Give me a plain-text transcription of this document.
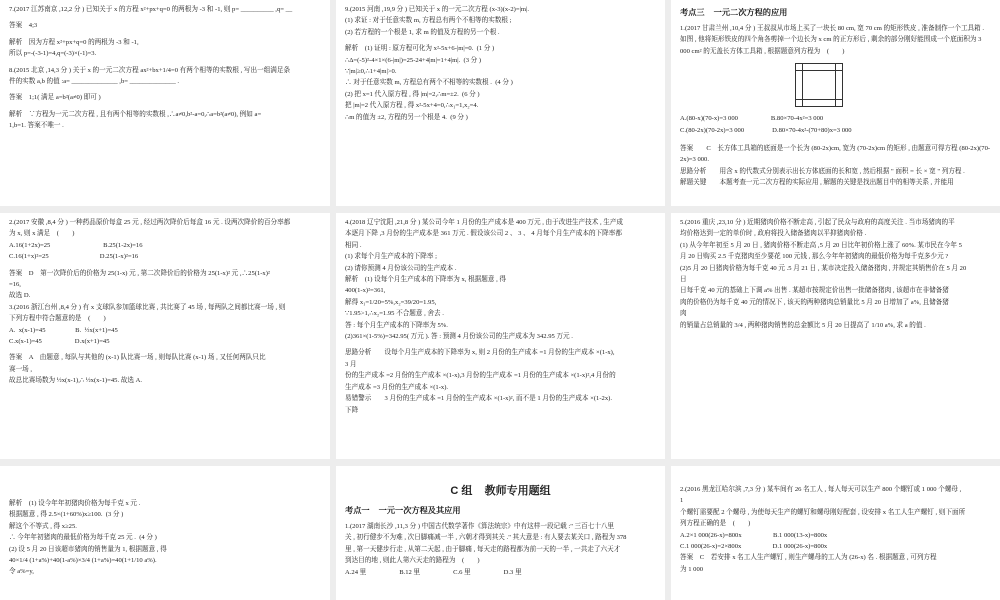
7.(2017 江苏南京 ,12,2 分 ) 已知关于 x 的方程 x²+px+q=0 的两根为 -3 和 -1, 则 p= __________ ,q= __

答案    4;3

解析    因为方程 x²+px+q=0 的两根为 -3 和 -1,

所以 p=-(-3-1)=4,q=(-3)×(-1)=3.

8.(2015 北京 ,14,3 分 ) 关于 x 的一元二次方程 ax²+bx+1/4=0 有两个相等的实数根 , 写出一组满足条

件的实数 a,b 的值 :a= ______________ ,b= ______________ .

答案    1;1( 满足 a=b²(a≠0) 即可 )

解析    ∵方程为一元二次方程 , 且有两个相等的实数根 ,∴a≠0,b²-a=0,∴a=b²(a≠0), 例如 a=

1,b=1. 答案不唯一 .

9.(2015 河南 ,19,9 分 ) 已知关于 x 的一元二次方程 (x-3)(x-2)=|m|.

(1) 求证 : 对于任意实数 m, 方程总有两个不相等的实数根 ;

(2) 若方程的一个根是 1, 求 m 的值及方程的另一个根 .

解析    (1) 证明 : 原方程可化为 x²-5x+6-|m|=0.  (1 分 )

∴Δ=(-5)²-4×1×(6-|m|)=25-24+4|m|=1+4|m|.  (3 分 )

∵|m|≥0,∴1+4|m|>0.

∴ 对于任意实数 m, 方程总有两个不相等的实数根 .  (4 分 )

(2) 把 x=1 代入原方程 , 得 |m|=2,∴m=±2.  (6 分 )

把 |m|=2 代入原方程 , 得 x²-5x+4=0,∴x₁=1,x₂=4.

∴m 的值为 ±2, 方程的另一个根是 4.  (9 分 )

考点三    一元二次方程的应用

1.(2017 甘肃兰州 ,10,4 分 ) 王叔叔从市场上买了一块长 80 cm, 宽 70 cm 的矩形铁皮 , 准备制作一个工具箱 . 如图 , 他将矩形铁皮的四个角各剪掉一个边长为 x cm 的正方形后 , 剩余的部分刚好能围成一个底面积为 3 000 cm² 的无盖长方体工具箱 , 根据题意列方程为    (        )

A.(80-x)(70-x)=3 000                    B.80×70-4x²=3 000

C.(80-2x)(70-2x)=3 000                 D.80×70-4x²-(70+80)x=3 000

答案        C    长方体工具箱的底面是一个长为 (80-2x)cm, 宽为 (70-2x)cm 的矩形 , 由题意可得方程 (80-2x)(70-2x)=3 000.

思路分析        用含 x 的代数式分别表示出长方体底面的长和宽 , 然后根据 " 面积 = 长 × 宽 " 列方程 .

解题关键        本题考查一元二次方程的实际应用 , 解题的关键是找出题目中的相等关系 , 并能用

2.(2017 安徽 ,8,4 分 ) 一种药品原价每盒 25 元 , 经过两次降价后每盒 16 元 . 设两次降价的百分率都

为 x, 则 x 满足    (        )

A.16(1+2x)=25                                B.25(1-2x)=16

C.16(1+x)²=25                               D.25(1-x)²=16

答案    D    第一次降价后的价格为 25(1-x) 元 , 第二次降价后的价格为 25(1-x)² 元 ,∴25(1-x)²

=16,

故选 D.

3.(2016 浙江台州 ,8,4 分 ) 有 x 支球队参加篮球比赛 , 共比赛了 45 场 , 每两队之间都比赛一场 , 则

下列方程中符合题意的是    (        )

A.  x(x-1)=45                  B.  ½x(x+1)=45

C.x(x-1)=45                    D.x(x+1)=45

答案    A    由题意 , 每队与其他的 (x-1) 队比赛一场 , 则每队比赛 (x-1) 场 , 又任何两队只比

赛一场 ,

故总比赛场数为 ½x(x-1),∴ ½x(x-1)=45. 故选 A.

4.(2018 辽宁沈阳 ,21,8 分 ) 某公司今年 1 月份的生产成本是 400 万元 , 由于改进生产技术 , 生产成

本逐月下降 ,3 月份的生产成本是 361 万元 . 假设该公司 2 、 3 、 4 月每个月生产成本的下降率都

相同 .

(1) 求每个月生产成本的下降率 ;

(2) 请你预测 4 月份该公司的生产成本 .

解析    (1) 设每个月生产成本的下降率为 x, 根据题意 , 得

400(1-x)²=361,

解得 x₁=1/20=5%,x₂=39/20=1.95,

∵1.95>1,∴x₂=1.95 不合题意 , 舍去 .

答 : 每个月生产成本的下降率为 5%.

(2)361×(1-5%)=342.95( 万元 ). 答 : 预测 4 月份该公司的生产成本为 342.95 万元 .

思路分析        设每个月生产成本的下降率为 x, 则 2 月份的生产成本 =1 月份的生产成本 ×(1-x),

3 月

份的生产成本 =2 月份的生产成本 ×(1-x),3 月份的生产成本 =1 月份的生产成本 ×(1-x)²,4 月份的

生产成本 =3 月份的生产成本 ×(1-x).

易错警示        3 月份的生产成本 =1 月份的生产成本 ×(1-x)², 而不是 1 月份的生产成本 ×(1-2x).

下降

5.(2016 重庆 ,23,10 分 ) 近期猪肉价格不断走高 , 引起了民众与政府的高度关注 . 当市场猪肉的平

均价格达到一定的单价时 , 政府将投入储备猪肉以平抑猪肉价格 .

(1) 从今年年初至 5 月 20 日 , 猪肉价格不断走高 ,5 月 20 日比年初价格上涨了 60%. 某市民在今年 5

月 20 日购买 2.5 千克猪肉至少要花 100 元钱 , 那么今年年初猪肉的最低价格为每千克多少元 ?

(2)5 月 20 日猪肉价格为每千克 40 元 .5 月 21 日 , 某市决定投入储备猪肉 , 并规定其销售价在 5 月 20

日

日每千克 40 元的基础上下调 a% 出售 . 某超市按规定价出售一批储备猪肉 , 该超市在非储备猪

肉的价格仍为每千克 40 元的情况下 , 该天的两种猪肉总销量比 5 月 20 日增加了 a%, 且储备猪

肉

的销量占总销量的 3/4 , 两种猪肉销售的总金额比 5 月 20 日提高了 1/10 a%, 求 a 的值 .

解析    (1) 设今年年初猪肉价格为每千克 x 元 .

根据题意 , 得 2.5×(1+60%)x≥100.  (3 分 )

解这个不等式 , 得 x≥25.

∴ 今年年初猪肉的最低价格为每千克 25 元 .  (4 分 )

(2) 设 5 月 20 日该超市猪肉的销售量为 1, 根据题意 , 得

40×1/4 (1+a%)+40(1-a%)×3/4 (1+a%)=40(1+1/10 a%).

令 a%=y,

C 组    教师专用题组

考点一    一元一次方程及其应用

1.(2017 湖南长沙 ,11,3 分 ) 中国古代数学著作《算法统宗》中有这样一段记载 :" 三百七十八里

关 , 初行健步不为难 , 次日脚痛减一半 , 六朝才得到其关 ." 其大意是 : 有人要去某关口 , 路程为 378

里 , 第一天健步行走 , 从第二天起 , 由于脚痛 , 每天走的路程都为前一天的一半 , 一共走了六天才

到达目的地 , 则此人第六天走的路程为    (        )

A.24 里                    B.12 里                    C.6 里                    D.3 里

2.(2016 黑龙江哈尔滨 ,7,3 分 ) 某车间有 26 名工人 , 每人每天可以生产 800 个螺钉或 1 000 个螺母 ,

1

个螺钉需要配 2 个螺母 , 为使每天生产的螺钉和螺母刚好配套 , 设安排 x 名工人生产螺钉 , 则下面所

列方程正确的是    (        )

A.2×1 000(26-x)=800x                   B.1 000(13-x)=800x

C.1 000(26-x)=2×800x                   D.1 000(26-x)=800x

答案    C    若安排 x 名工人生产螺钉 , 则生产螺母的工人为 (26-x) 名 . 根据题意 , 可列方程

为 1 000
